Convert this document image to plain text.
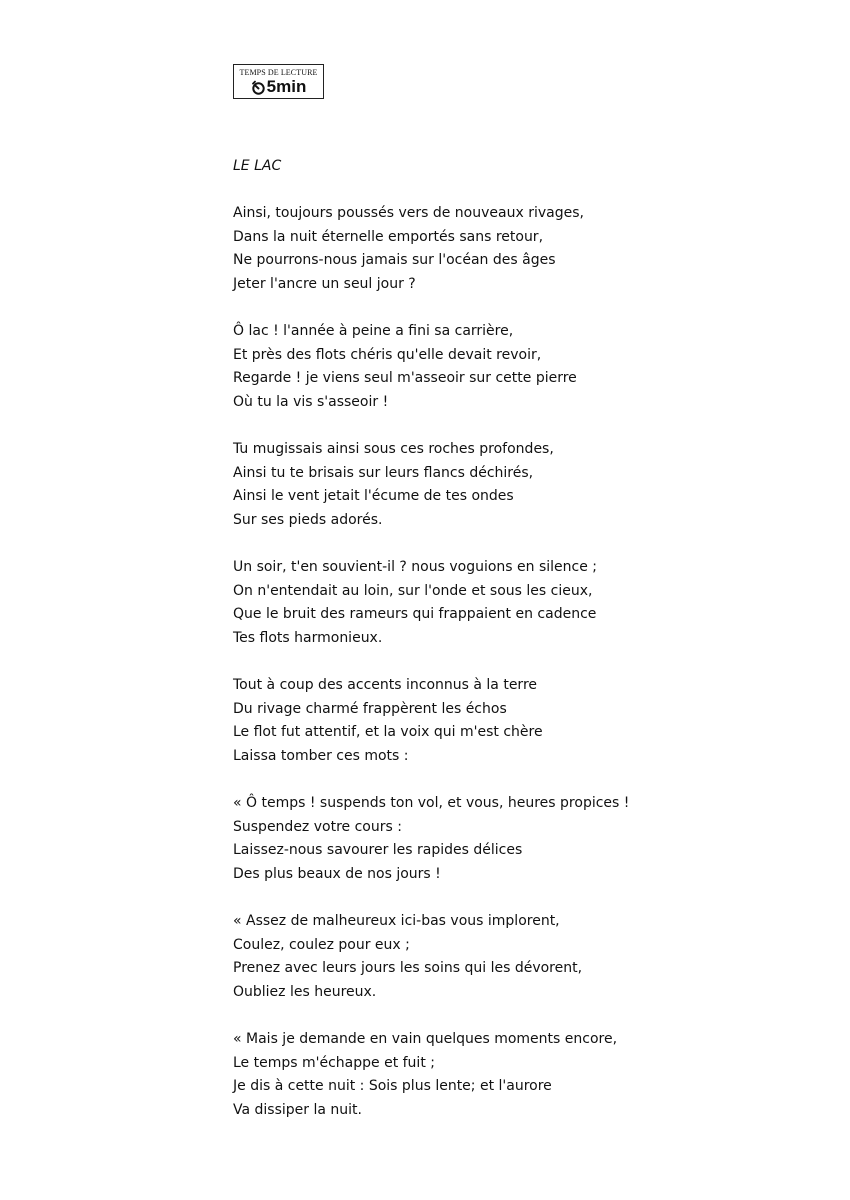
TEMPS DE LECTURE
5min
LE LAC
Ainsi, toujours poussés vers de nouveaux rivages,
Dans la nuit éternelle emportés sans retour,
Ne pourrons-nous jamais sur l'océan des âges
Jeter l'ancre un seul jour ?
Ô lac ! l'année à peine a fini sa carrière,
Et près des flots chéris qu'elle devait revoir,
Regarde ! je viens seul m'asseoir sur cette pierre
Où tu la vis s'asseoir !
Tu mugissais ainsi sous ces roches profondes,
Ainsi tu te brisais sur leurs flancs déchirés,
Ainsi le vent jetait l'écume de tes ondes
Sur ses pieds adorés.
Un soir, t'en souvient-il ? nous voguions en silence ;
On n'entendait au loin, sur l'onde et sous les cieux,
Que le bruit des rameurs qui frappaient en cadence
Tes flots harmonieux.
Tout à coup des accents inconnus à la terre
Du rivage charmé frappèrent les échos
Le flot fut attentif, et la voix qui m'est chère
Laissa tomber ces mots :
« Ô temps ! suspends ton vol, et vous, heures propices !
Suspendez votre cours :
Laissez-nous savourer les rapides délices
Des plus beaux de nos jours !
« Assez de malheureux ici-bas vous implorent,
Coulez, coulez pour eux ;
Prenez avec leurs jours les soins qui les dévorent,
Oubliez les heureux.
« Mais je demande en vain quelques moments encore,
Le temps m'échappe et fuit ;
Je dis à cette nuit : Sois plus lente; et l'aurore
Va dissiper la nuit.
